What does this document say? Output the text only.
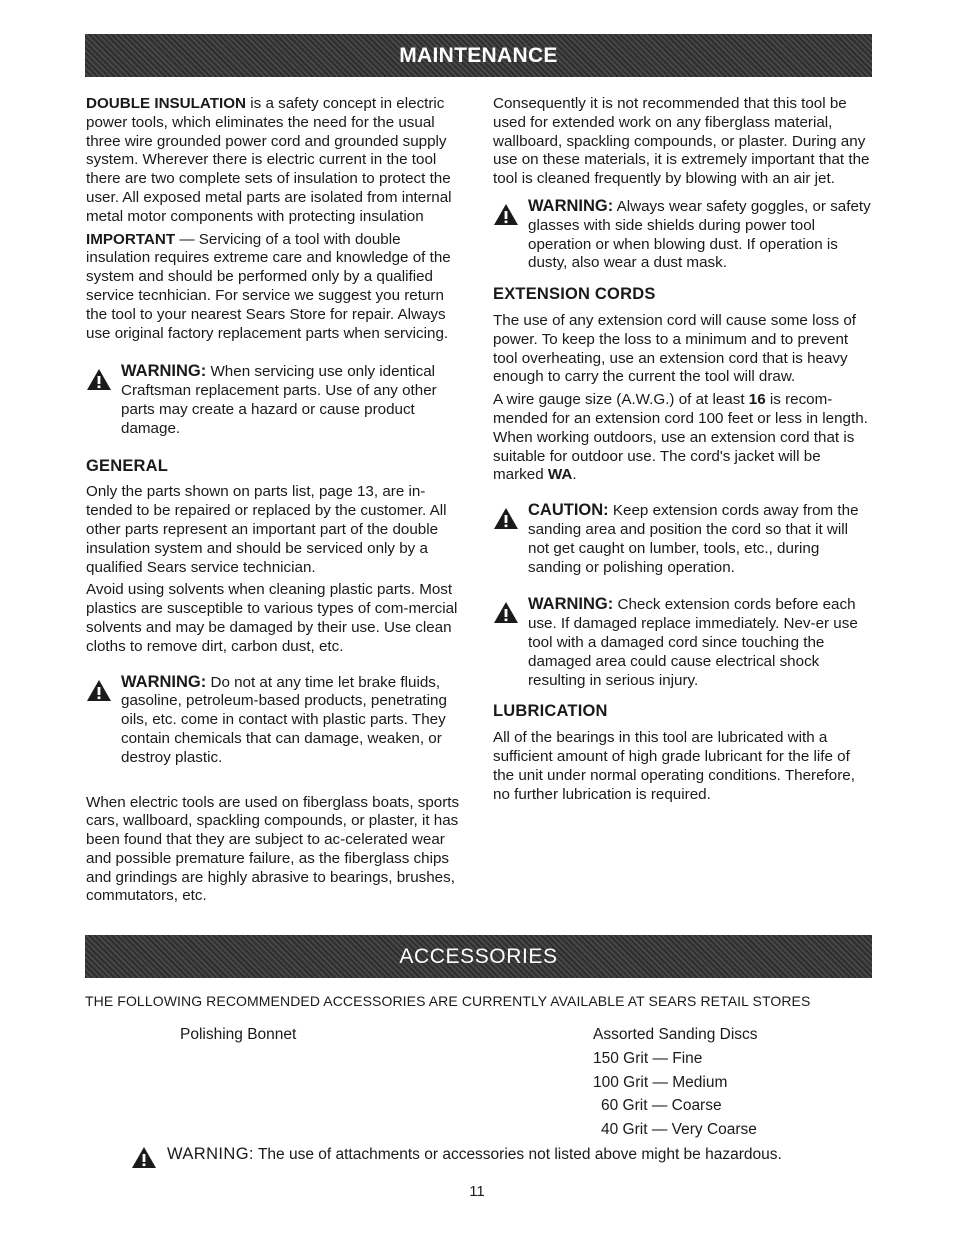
MAINTENANCE

DOUBLE INSULATION is a safety concept in electric power tools, which eliminates the need for the usual three wire grounded power cord and grounded supply system. Wherever there is electric current in the tool there are two complete sets of insulation to protect the user. All exposed metal parts are isolated from internal metal motor components with protecting insulation

IMPORTANT — Servicing of a tool with double insulation requires extreme care and knowledge of the system and should be performed only by a qualified service tecnhician. For service we suggest you return the tool to your nearest Sears Store for repair. Always use original factory replacement parts when servicing.

WARNING: When servicing use only identical Craftsman replacement parts. Use of any other parts may create a hazard or cause product damage.
GENERAL

Only the parts shown on parts list, page 13, are in-tended to be repaired or replaced by the customer. All other parts represent an important part of the double insulation system and should be serviced only by a qualified Sears service technician.

Avoid using solvents when cleaning plastic parts. Most plastics are susceptible to various types of com-mercial solvents and may be damaged by their use. Use clean cloths to remove dirt, carbon dust, etc.

WARNING: Do not at any time let brake fluids, gasoline, petroleum-based products, penetrating oils, etc. come in contact with plastic parts. They contain chemicals that can damage, weaken, or destroy plastic.

When electric tools are used on fiberglass boats, sports cars, wallboard, spackling compounds, or plaster, it has been found that they are subject to ac-celerated wear and possible premature failure, as the fiberglass chips and grindings are highly abrasive to bearings, brushes, commutators, etc.

Consequently it is not recommended that this tool be used for extended work on any fiberglass material, wallboard, spackling compounds, or plaster. During any use on these materials, it is extremely important that the tool is cleaned frequently by blowing with an air jet.

WARNING: Always wear safety goggles, or safety glasses with side shields during power tool operation or when blowing dust. If operation is dusty, also wear a dust mask.
EXTENSION CORDS

The use of any extension cord will cause some loss of power. To keep the loss to a minimum and to prevent tool overheating, use an extension cord that is heavy enough to carry the current the tool will draw.

A wire gauge size (A.W.G.) of at least 16 is recom-mended for an extension cord 100 feet or less in length. When working outdoors, use an extension cord that is suitable for outdoor use. The cord's jacket will be marked WA.

CAUTION: Keep extension cords away from the sanding area and position the cord so that it will not get caught on lumber, tools, etc., during sanding or polishing operation.
WARNING: Check extension cords before each use. If damaged replace immediately. Nev-er use tool with a damaged cord since touching the damaged area could cause electrical shock resulting in serious injury.
LUBRICATION

All of the bearings in this tool are lubricated with a sufficient amount of high grade lubricant for the life of the unit under normal operating conditions. Therefore, no further lubrication is required.

ACCESSORIES
THE FOLLOWING RECOMMENDED ACCESSORIES ARE CURRENTLY AVAILABLE AT SEARS RETAIL STORES
Polishing Bonnet	Assorted Sanding Discs
150 Grit — Fine
100 Grit — Medium
60 Grit — Coarse
40 Grit — Very Coarse
WARNING: The use of attachments or accessories not listed above might be hazardous.
11
